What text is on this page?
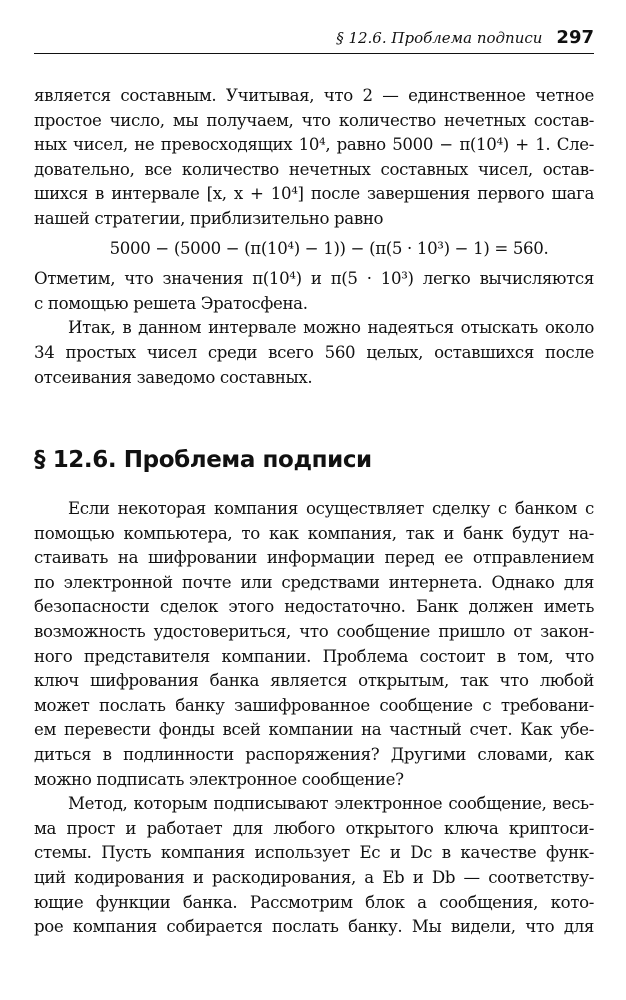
§ 12.6. Проблема подписи 297
является составным. Учитывая, что 2 — единственное четное
простое число, мы получаем, что количество нечетных состав-
ных чисел, не превосходящих 10⁴, равно 5000 − π(10⁴) + 1. Сле-
довательно, все количество нечетных составных чисел, остав-
шихся в интервале [x, x + 10⁴] после завершения первого шага
нашей стратегии, приблизительно равно
5000 − (5000 − (π(10⁴) − 1)) − (π(5 · 10³) − 1) = 560.
Отметим, что значения π(10⁴) и π(5 · 10³) легко вычисляются
с помощью решета Эратосфена.
Итак, в данном интервале можно надеяться отыскать около
34 простых чисел среди всего 560 целых, оставшихся после
отсеивания заведомо составных.
§ 12.6. Проблема подписи
Если некоторая компания осуществляет сделку с банком с
помощью компьютера, то как компания, так и банк будут на-
стаивать на шифровании информации перед ее отправлением
по электронной почте или средствами интернета. Однако для
безопасности сделок этого недостаточно. Банк должен иметь
возможность удостовериться, что сообщение пришло от закон-
ного представителя компании. Проблема состоит в том, что
ключ шифрования банка является открытым, так что любой
может послать банку зашифрованное сообщение с требовани-
ем перевести фонды всей компании на частный счет. Как убе-
диться в подлинности распоряжения? Другими словами, как
можно подписать электронное сообщение?
Метод, которым подписывают электронное сообщение, весь-
ма прост и работает для любого открытого ключа криптоси-
стемы. Пусть компания использует Eс и Dс в качестве функ-
ций кодирования и раскодирования, а Eb и Db — соответству-
ющие функции банка. Рассмотрим блок a сообщения, кото-
рое компания собирается послать банку. Мы видели, что для
